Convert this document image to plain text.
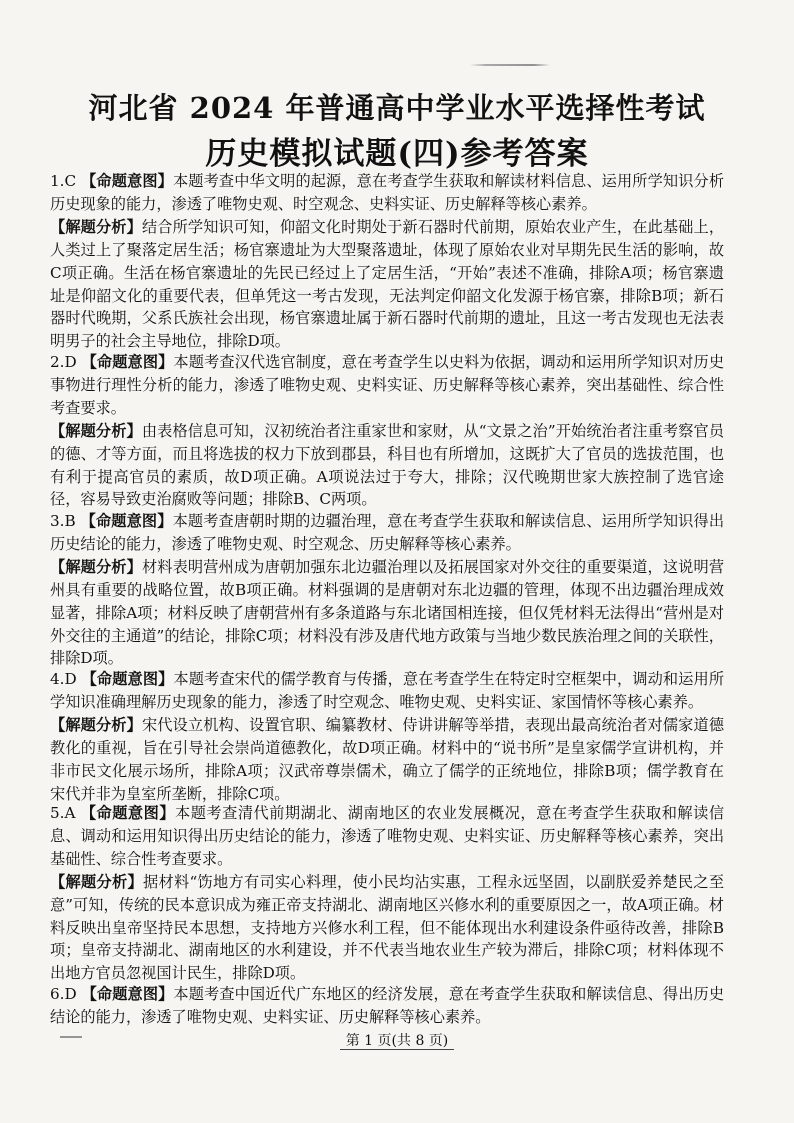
河北省 2024 年普通高中学业水平选择性考试
历史模拟试题(四)参考答案

1.C 【命题意图】本题考查中华文明的起源，意在考查学生获取和解读材料信息、运用所学知识分析历史现象的能力，渗透了唯物史观、时空观念、史料实证、历史解释等核心素养。

【解题分析】结合所学知识可知，仰韶文化时期处于新石器时代前期，原始农业产生，在此基础上，人类过上了聚落定居生活；杨官寨遗址为大型聚落遗址，体现了原始农业对早期先民生活的影响，故C项正确。生活在杨官寨遗址的先民已经过上了定居生活，“开始”表述不准确，排除A项；杨官寨遗址是仰韶文化的重要代表，但单凭这一考古发现，无法判定仰韶文化发源于杨官寨，排除B项；新石器时代晚期，父系氏族社会出现，杨官寨遗址属于新石器时代前期的遗址，且这一考古发现也无法表明男子的社会主导地位，排除D项。

2.D 【命题意图】本题考查汉代选官制度，意在考查学生以史料为依据，调动和运用所学知识对历史事物进行理性分析的能力，渗透了唯物史观、史料实证、历史解释等核心素养，突出基础性、综合性考查要求。

【解题分析】由表格信息可知，汉初统治者注重家世和家财，从“文景之治”开始统治者注重考察官员的德、才等方面，而且将选拔的权力下放到郡县，科目也有所增加，这既扩大了官员的选拔范围，也有利于提高官员的素质，故D项正确。A项说法过于夸大，排除；汉代晚期世家大族控制了选官途径，容易导致吏治腐败等问题；排除B、C两项。

3.B 【命题意图】本题考查唐朝时期的边疆治理，意在考查学生获取和解读信息、运用所学知识得出历史结论的能力，渗透了唯物史观、时空观念、历史解释等核心素养。

【解题分析】材料表明营州成为唐朝加强东北边疆治理以及拓展国家对外交往的重要渠道，这说明营州具有重要的战略位置，故B项正确。材料强调的是唐朝对东北边疆的管理，体现不出边疆治理成效显著，排除A项；材料反映了唐朝营州有多条道路与东北诸国相连接，但仅凭材料无法得出“营州是对外交往的主通道”的结论，排除C项；材料没有涉及唐代地方政策与当地少数民族治理之间的关联性，排除D项。

4.D 【命题意图】本题考查宋代的儒学教育与传播，意在考查学生在特定时空框架中，调动和运用所学知识准确理解历史现象的能力，渗透了时空观念、唯物史观、史料实证、家国情怀等核心素养。

【解题分析】宋代设立机构、设置官职、编纂教材、侍讲讲解等举措，表现出最高统治者对儒家道德教化的重视，旨在引导社会崇尚道德教化，故D项正确。材料中的“说书所”是皇家儒学宣讲机构，并非市民文化展示场所，排除A项；汉武帝尊崇儒术，确立了儒学的正统地位，排除B项；儒学教育在宋代并非为皇室所垄断，排除C项。

5.A 【命题意图】本题考查清代前期湖北、湖南地区的农业发展概况，意在考查学生获取和解读信息、调动和运用知识得出历史结论的能力，渗透了唯物史观、史料实证、历史解释等核心素养，突出基础性、综合性考查要求。

【解题分析】据材料“饬地方有司实心料理，使小民均沾实惠，工程永远坚固，以副朕爱养楚民之至意”可知，传统的民本意识成为雍正帝支持湖北、湖南地区兴修水利的重要原因之一，故A项正确。材料反映出皇帝坚持民本思想，支持地方兴修水利工程，但不能体现出水利建设条件亟待改善，排除B项；皇帝支持湖北、湖南地区的水利建设，并不代表当地农业生产较为滞后，排除C项；材料体现不出地方官员忽视国计民生，排除D项。

6.D 【命题意图】本题考查中国近代广东地区的经济发展，意在考查学生获取和解读信息、得出历史结论的能力，渗透了唯物史观、史料实证、历史解释等核心素养。

第 1 页(共 8 页)
